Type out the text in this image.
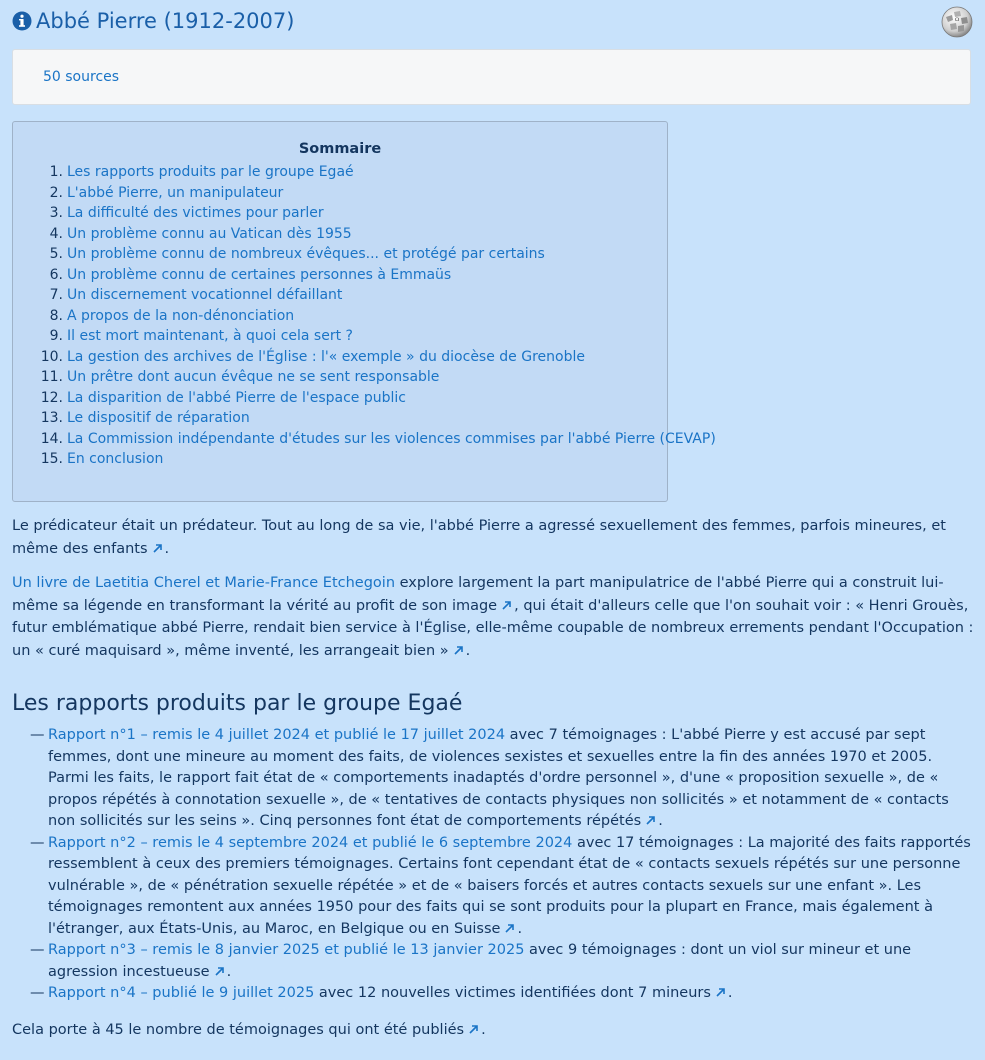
Abbé Pierre (1912-2007)	Ω
50 sources
Sommaire
1. Les rapports produits par le groupe Egaé
2. L'abbé Pierre, un manipulateur
3. La difficulté des victimes pour parler
4. Un problème connu au Vatican dès 1955
5. Un problème connu de nombreux évêques... et protégé par certains
6. Un problème connu de certaines personnes à Emmaüs
7. Un discernement vocationnel défaillant
8. A propos de la non-dénonciation
9. Il est mort maintenant, à quoi cela sert ?
10. La gestion des archives de l'Église : l'« exemple » du diocèse de Grenoble
11. Un prêtre dont aucun évêque ne se sent responsable
12. La disparition de l'abbé Pierre de l'espace public
13. Le dispositif de réparation
14. La Commission indépendante d'études sur les violences commises par l'abbé Pierre (CEVAP)
15. En conclusion

Le prédicateur était un prédateur. Tout au long de sa vie, l'abbé Pierre a agressé sexuellement des femmes, parfois mineures, et même des enfants .

Un livre de Laetitia Cherel et Marie-France Etchegoin explore largement la part manipulatrice de l'abbé Pierre qui a construit lui-même sa légende en transformant la vérité au profit de son image , qui était d'alleurs celle que l'on souhait voir : « Henri Grouès, futur emblématique abbé Pierre, rendait bien service à l'Église, elle-même coupable de nombreux errements pendant l'Occupation : un « curé maquisard », même inventé, les arrangeait bien » .

Les rapports produits par le groupe Egaé
— Rapport n°1 – remis le 4 juillet 2024 et publié le 17 juillet 2024 avec 7 témoignages : L'abbé Pierre y est accusé par sept femmes, dont une mineure au moment des faits, de violences sexistes et sexuelles entre la fin des années 1970 et 2005. Parmi les faits, le rapport fait état de « comportements inadaptés d'ordre personnel », d'une « proposition sexuelle », de « propos répétés à connotation sexuelle », de « tentatives de contacts physiques non sollicités » et notamment de « contacts non sollicités sur les seins ». Cinq personnes font état de comportements répétés .
— Rapport n°2 – remis le 4 septembre 2024 et publié le 6 septembre 2024 avec 17 témoignages : La majorité des faits rapportés ressemblent à ceux des premiers témoignages. Certains font cependant état de « contacts sexuels répétés sur une personne vulnérable », de « pénétration sexuelle répétée » et de « baisers forcés et autres contacts sexuels sur une enfant ». Les témoignages remontent aux années 1950 pour des faits qui se sont produits pour la plupart en France, mais également à l'étranger, aux États-Unis, au Maroc, en Belgique ou en Suisse .
— Rapport n°3 – remis le 8 janvier 2025 et publié le 13 janvier 2025 avec 9 témoignages : dont un viol sur mineur et une agression incestueuse .
— Rapport n°4 – publié le 9 juillet 2025 avec 12 nouvelles victimes identifiées dont 7 mineurs .

Cela porte à 45 le nombre de témoignages qui ont été publiés .
